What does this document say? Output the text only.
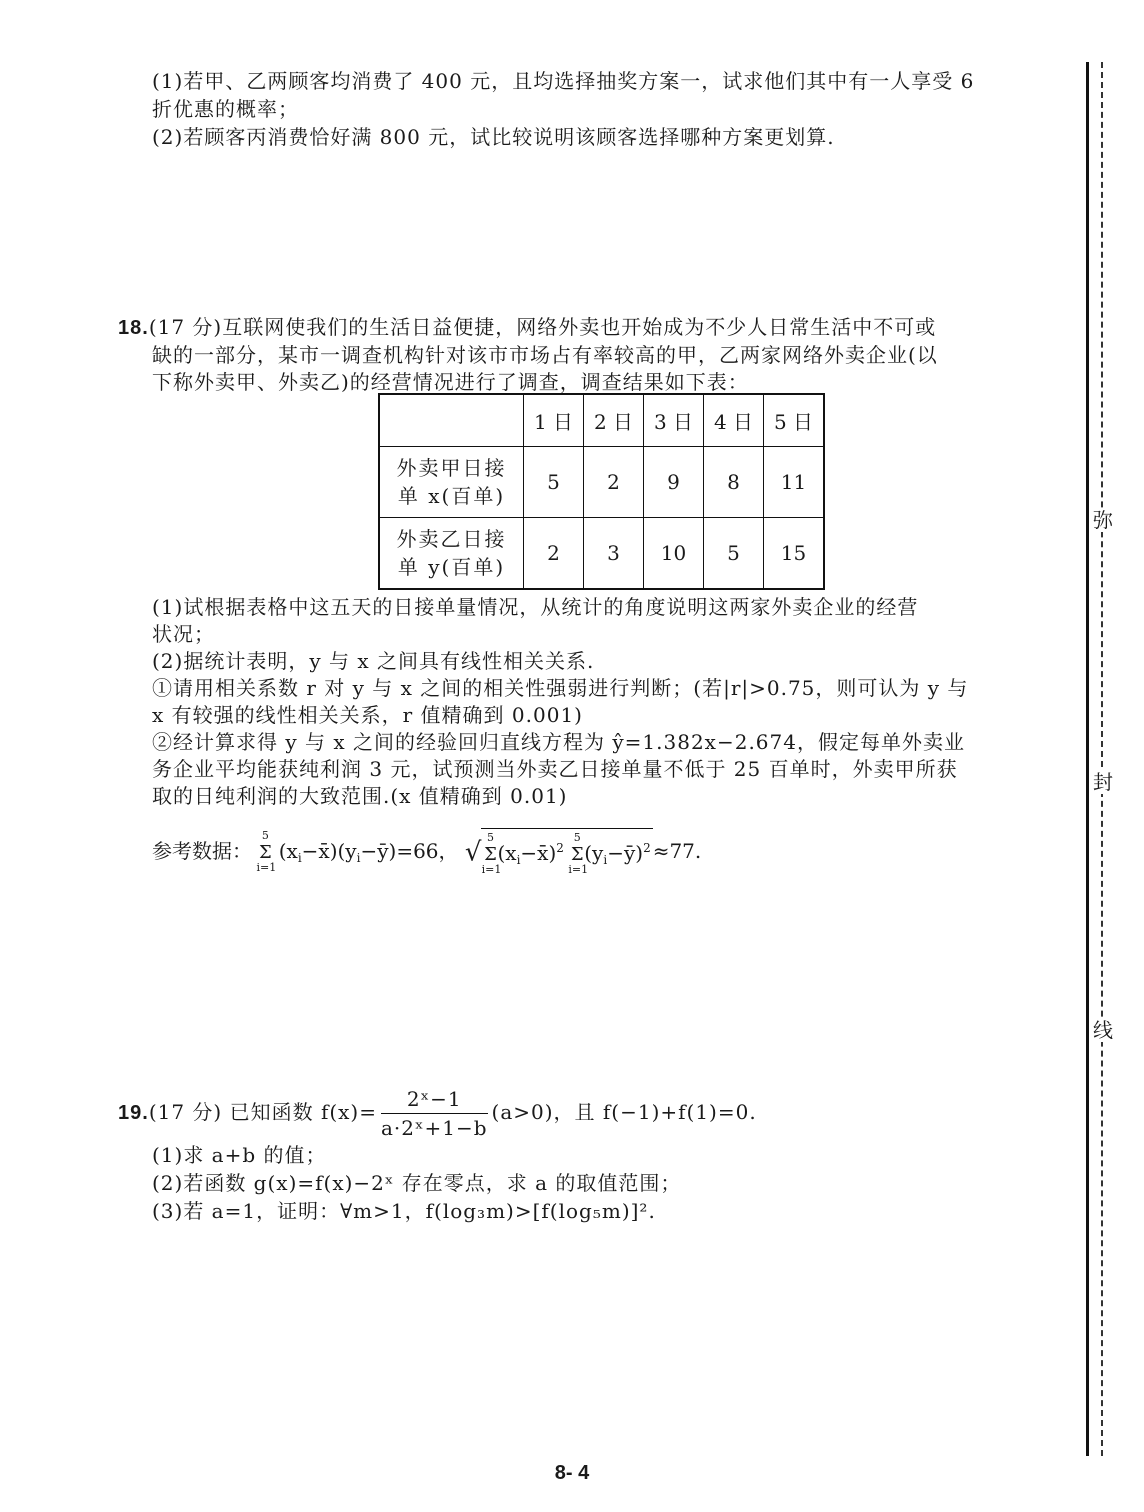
(1)若甲、乙两顾客均消费了 400 元，且均选择抽奖方案一，试求他们其中有一人享受 6
折优惠的概率；
(2)若顾客丙消费恰好满 800 元，试比较说明该顾客选择哪种方案更划算.
18.(17 分)互联网使我们的生活日益便捷，网络外卖也开始成为不少人日常生活中不可或
缺的一部分，某市一调查机构针对该市市场占有率较高的甲，乙两家网络外卖企业(以
下称外卖甲、外卖乙)的经营情况进行了调查，调查结果如下表：
	1 日	2 日	3 日	4 日	5 日

外卖甲日接
单 x(百单)	5	2	9	8	11

外卖乙日接
单 y(百单)	2	3	10	5	15
(1)试根据表格中这五天的日接单量情况，从统计的角度说明这两家外卖企业的经营
状况；
(2)据统计表明，y 与 x 之间具有线性相关关系.
①请用相关系数 r 对 y 与 x 之间的相关性强弱进行判断；(若|r|>0.75，则可认为 y 与
x 有较强的线性相关关系，r 值精确到 0.001)
②经计算求得 y 与 x 之间的经验回归直线方程为 ŷ=1.382x−2.674，假定每单外卖业
务企业平均能获纯利润 3 元，试预测当外卖乙日接单量不低于 25 百单时，外卖甲所获
取的日纯利润的大致范围.(x 值精确到 0.01)
参考数据： Σ
5
i=1
$(x_i-x̄)(y_i-ȳ)=66$， √ Σ
5
i=1
$(x_i-x̄)^2$ Σ
5
i=1
$(y_i-ȳ)^2 \approx 77$.
19.(17 分) 已知函数 $f(x)= \frac{\text{2ˣ−1}}{\text{a·2ˣ+1−b}} (a>0)$，且 f(−1)+f(1)=0.
(1)求 a+b 的值；
(2)若函数 g(x)=f(x)−2ˣ 存在零点，求 a 的取值范围；
(3)若 a=1，证明：∀m>1，f(log₃m)>[f(log₅m)]².
弥
封
线
8- 4
